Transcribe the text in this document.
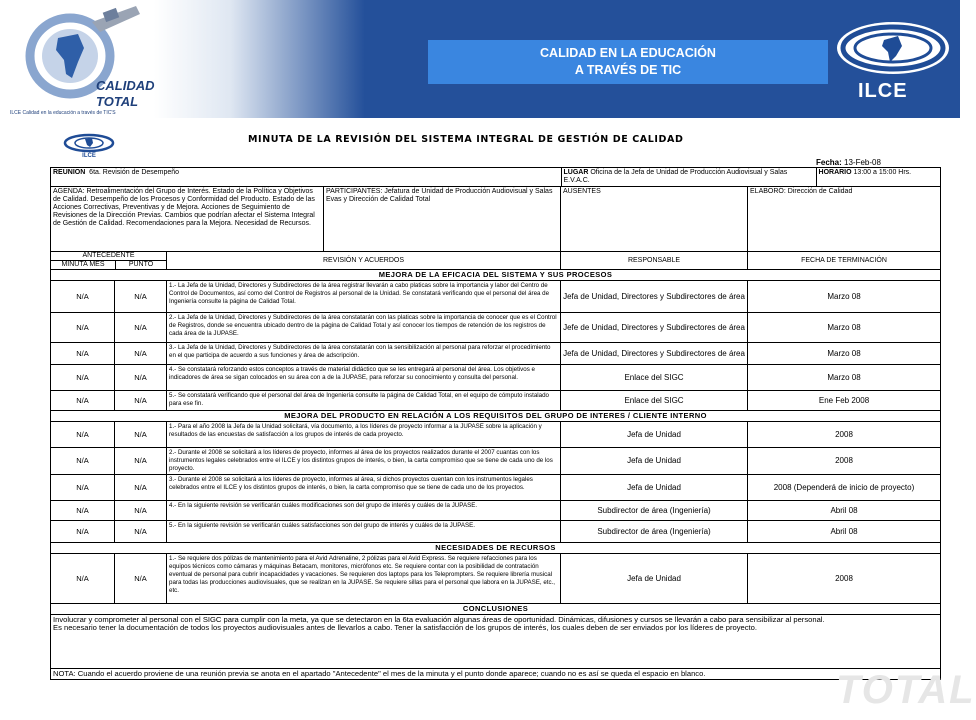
CALIDAD
TOTAL
ILCE Calidad en la educación a través de TIC'S
CALIDAD EN LA EDUCACIÓN
A TRAVÉS DE TIC
ILCE
ILCE
MINUTA DE LA REVISIÓN DEL SISTEMA INTEGRAL DE GESTIÓN DE CALIDAD
Fecha: 13-Feb-08
REUNION 6ta. Revisión de Desempeño		LUGAR Oficina de la Jefa de Unidad de Producción Audiovisual y Salas E.V.A.C.	HORARIO 13:00 a 15:00 Hrs.

AGENDA: Retroalimentación del Grupo de Interés. Estado de la Política y Objetivos de Calidad. Desempeño de los Procesos y Conformidad del Producto. Estado de las Acciones Correctivas, Preventivas y de Mejora. Acciones de Seguimiento de Revisiones de la Dirección Previas. Cambios que podrían afectar el Sistema Integral de Gestión de Calidad. Recomendaciones para la Mejora. Necesidad de Recursos.	PARTICIPANTES: Jefatura de Unidad de Producción Audiovisual y Salas Evas y Dirección de Calidad Total
	AUSENTES	ELABORÓ: Dirección de Calidad

ANTECEDENTE
MINUTA MES	PUNTO
	REVISIÓN Y ACUERDOS	RESPONSABLE	FECHA DE TERMINACIÓN
MEJORA DE LA EFICACIA DEL SISTEMA Y SUS PROCESOS
N/A	N/A	1.- La Jefa de la Unidad, Directores y Subdirectores de la área registrar llevarán a cabo platicas sobre la importancia y labor del Centro de Control de Documentos, así como del Control de Registros al personal de la Unidad. Se constatará verificando que el personal del área de Ingeniería consulte la página de Calidad Total.	Jefa de Unidad, Directores y Subdirectores de área	Marzo 08
N/A	N/A	2.- La Jefa de la Unidad, Directores y Subdirectores de la área constatarán con las platicas sobre la importancia de conocer que es el Control de Registros, donde se encuentra ubicado dentro de la página de Calidad Total y así conocer los tiempos de retención de los registros de cada área de la JUPASE.	Jefe de Unidad, Directores y Subdirectores de área	Marzo 08
N/A	N/A	3.- La Jefa de la Unidad, Directores y Subdirectores de la área constatarán con la sensibilización al personal para reforzar el procedimiento en el que participa de acuerdo a sus funciones y área de adscripción.	Jefa de Unidad, Directores y Subdirectores de área	Marzo 08
N/A	N/A	4.- Se constatará reforzando estos conceptos a través de material didáctico que se les entregará al personal del área. Los objetivos e indicadores de área se sigan colocados en su área con a de la JUPASE, para reforzar su conocimiento y consulta del personal.	Enlace del SIGC	Marzo 08
N/A	N/A	5.- Se constatará verificando que el personal del área de Ingeniería consulte la página de Calidad Total, en el equipo de cómputo instalado para ese fin.	Enlace del SIGC	Ene Feb 2008
MEJORA DEL PRODUCTO EN RELACIÓN A LOS REQUISITOS DEL GRUPO DE INTERES / CLIENTE INTERNO
N/A	N/A	1.- Para el año 2008 la Jefa de la Unidad solicitará, vía documento, a los líderes de proyecto informar a la JUPASE sobre la aplicación y resultados de las encuestas de satisfacción a los grupos de interés de cada proyecto.	Jefa de Unidad	2008
N/A	N/A	2.- Durante el 2008 se solicitará a los líderes de proyecto, informes al área de los proyectos realizados durante el 2007 cuantas con los instrumentos legales celebrados entre el ILCE y los distintos grupos de interés, o bien, la carta compromiso que se tiene de cada uno de los proyecto.	Jefa de Unidad	2008
N/A	N/A	3.- Durante el 2008 se solicitará a los líderes de proyecto, informes al área, si dichos proyectos cuentan con los instrumentos legales celebrados entre el ILCE y los distintos grupos de interés, o bien, la carta compromiso que se tiene de cada uno de los proyectos.	Jefa de Unidad	2008 (Dependerá de inicio de proyecto)
N/A	N/A	4.- En la siguiente revisión se verificarán cuáles modificaciones son del grupo de interés y cuáles de la JUPASE.	Subdirector de área (Ingeniería)	Abril 08
N/A	N/A	5.- En la siguiente revisión se verificarán cuáles satisfacciones son del grupo de interés y cuáles de la JUPASE.	Subdirector de área (Ingeniería)	Abril 08
NECESIDADES DE RECURSOS
N/A	N/A	1.- Se requiere dos pólizas de mantenimiento para el Avid Adrenaline, 2 pólizas para el Avid Express. Se requiere refacciones para los equipos técnicos como cámaras y máquinas Betacam, monitores, micrófonos etc. Se requiere contar con la posibilidad de contratación eventual de personal para cubrir incapacidades y vacaciones. Se requieren dos laptops para los Teleprompters. Se requiere librería musical para todas las producciones audiovisuales, que se realizan en la JUPASE. Se requiere sillas para el personal que labora en la JUPASE, etc., etc.	Jefa de Unidad	2008
CONCLUSIONES

Involucrar y comprometer al personal con el SIGC para cumplir con la meta, ya que se detectaron en la 6ta evaluación algunas áreas de oportunidad. Dinámicas, difusiones y cursos se llevarán a cabo para sensibilizar al personal.
Es necesario tener la documentación de todos los proyectos audiovisuales antes de llevarlos a cabo. Tener la satisfacción de los grupos de interés, los cuales deben de ser enviados por los líderes de proyecto.

NOTA: Cuando el acuerdo proviene de una reunión previa se anota en el apartado "Antecedente" el mes de la minuta y el punto donde aparece; cuando no es así se queda el espacio en blanco.	TOTAL
